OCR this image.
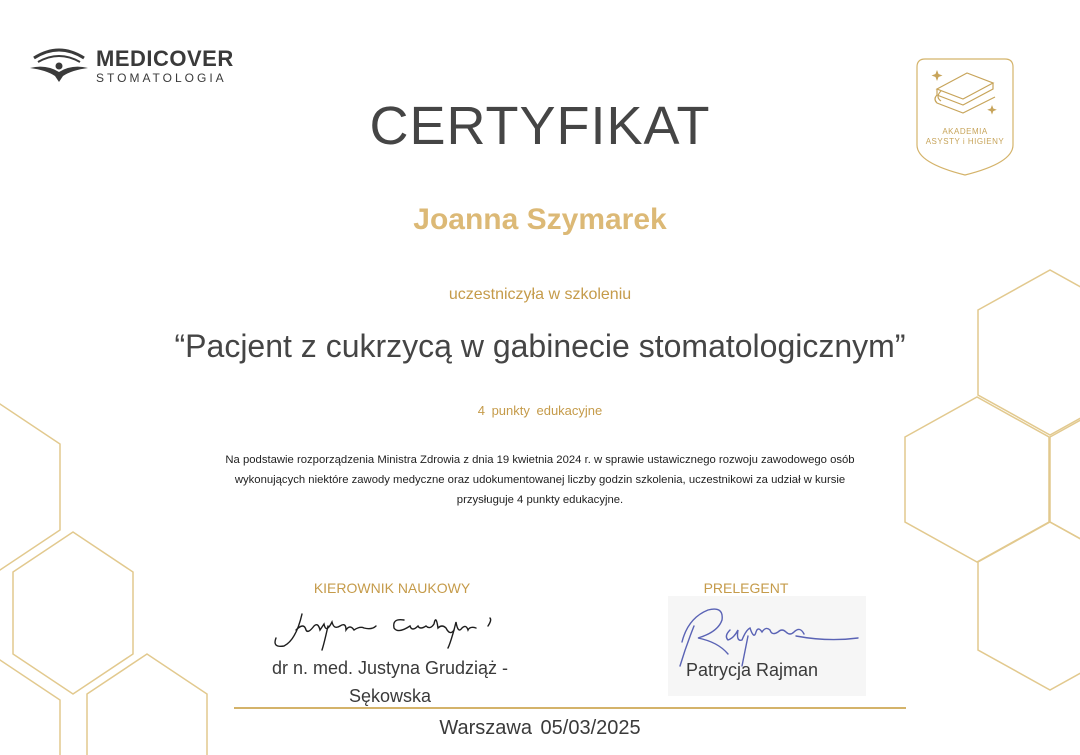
MEDICOVER
STOMATOLOGIA
AKADEMIA
ASYSTY i HIGIENY
CERTYFIKAT
Joanna Szymarek
uczestniczyła w szkoleniu
“Pacjent z cukrzycą w gabinecie stomatologicznym”
4 punkty edukacyjne
Na podstawie rozporządzenia Ministra Zdrowia z dnia 19 kwietnia 2024 r. w sprawie ustawicznego rozwoju zawodowego osób
wykonujących niektóre zawody medyczne oraz udokumentowanej liczby godzin szkolenia, uczestnikowi za udział w kursie
przysługuje 4 punkty edukacyjne.
KIEROWNIK NAUKOWY	PRELEGENT
dr n. med. Justyna Grudziąż -
Sękowska
Patrycja Rajman
Warszawa 05/03/2025
